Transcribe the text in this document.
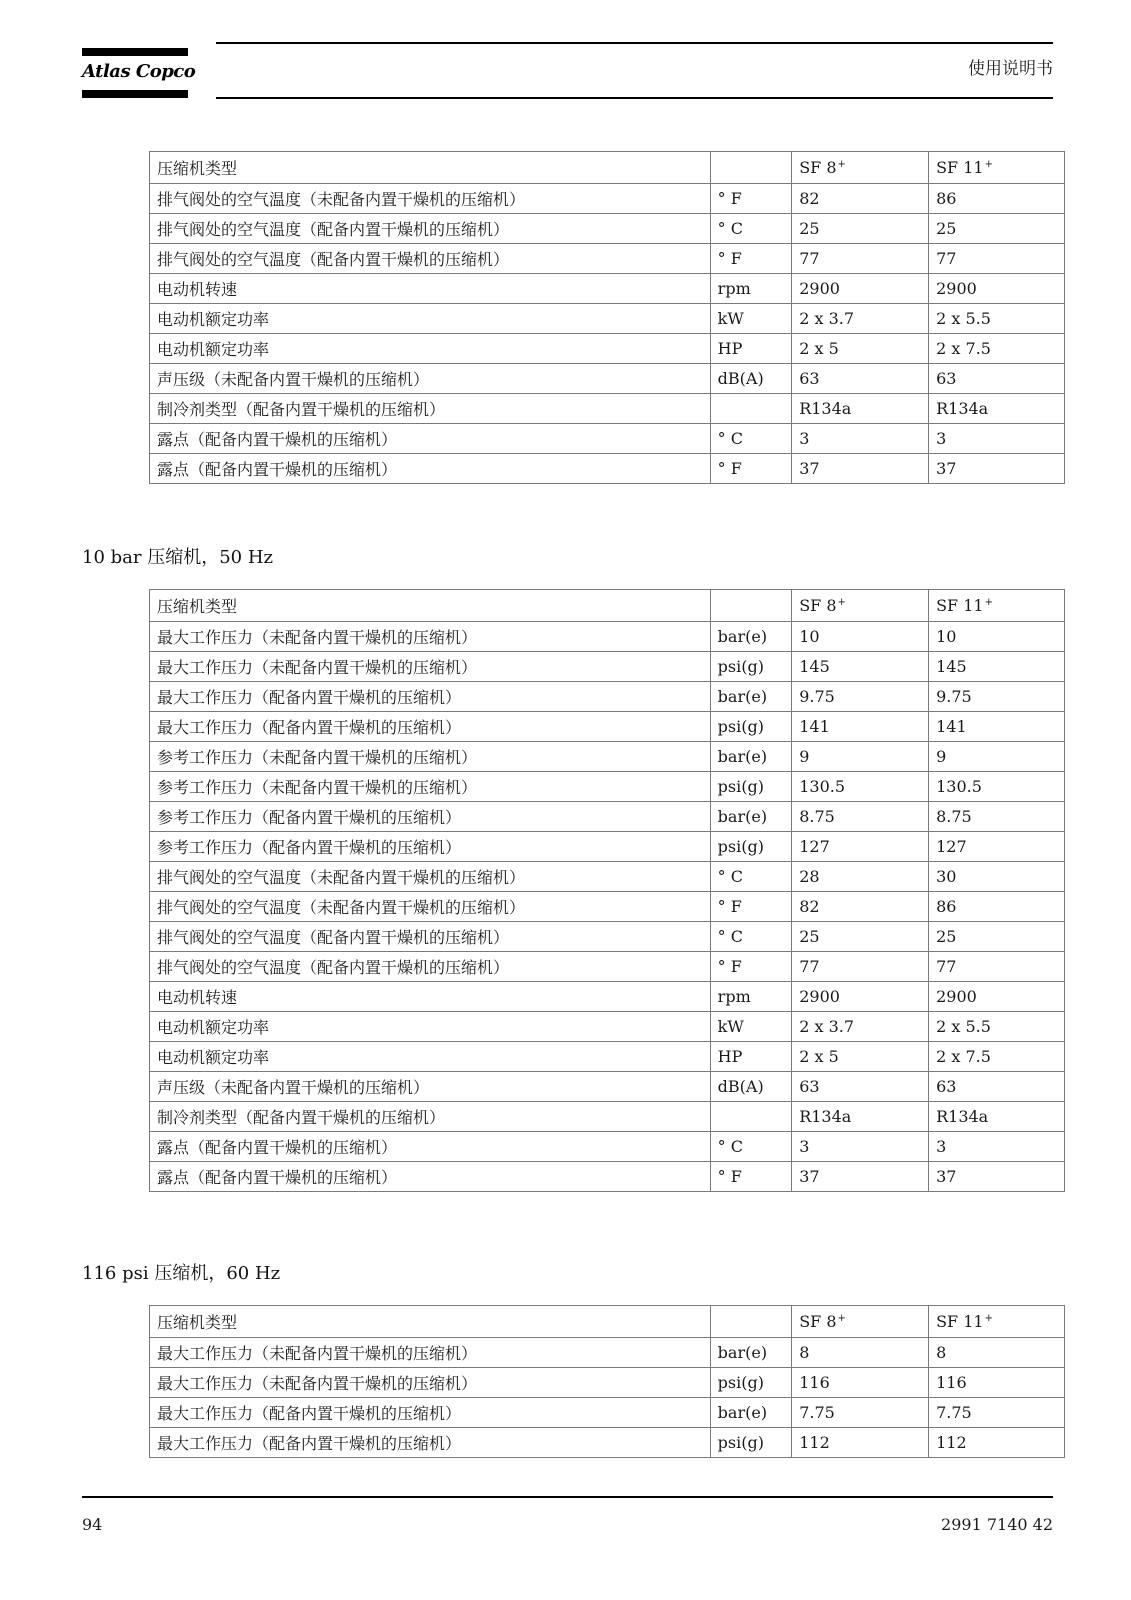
Atlas Copco	使用说明书
压缩机类型		SF 8+	SF 11+
排气阀处的空气温度（未配备内置干燥机的压缩机）	° F	82	86
排气阀处的空气温度（配备内置干燥机的压缩机）	° C	25	25
排气阀处的空气温度（配备内置干燥机的压缩机）	° F	77	77
电动机转速	rpm	2900	2900
电动机额定功率	kW	2 x 3.7	2 x 5.5
电动机额定功率	HP	2 x 5	2 x 7.5
声压级（未配备内置干燥机的压缩机）	dB(A)	63	63
制冷剂类型（配备内置干燥机的压缩机）		R134a	R134a
露点（配备内置干燥机的压缩机）	° C	3	3
露点（配备内置干燥机的压缩机）	° F	37	37
10 bar 压缩机，50 Hz
压缩机类型		SF 8+	SF 11+
最大工作压力（未配备内置干燥机的压缩机）	bar(e)	10	10
最大工作压力（未配备内置干燥机的压缩机）	psi(g)	145	145
最大工作压力（配备内置干燥机的压缩机）	bar(e)	9.75	9.75
最大工作压力（配备内置干燥机的压缩机）	psi(g)	141	141
参考工作压力（未配备内置干燥机的压缩机）	bar(e)	9	9
参考工作压力（未配备内置干燥机的压缩机）	psi(g)	130.5	130.5
参考工作压力（配备内置干燥机的压缩机）	bar(e)	8.75	8.75
参考工作压力（配备内置干燥机的压缩机）	psi(g)	127	127
排气阀处的空气温度（未配备内置干燥机的压缩机）	° C	28	30
排气阀处的空气温度（未配备内置干燥机的压缩机）	° F	82	86
排气阀处的空气温度（配备内置干燥机的压缩机）	° C	25	25
排气阀处的空气温度（配备内置干燥机的压缩机）	° F	77	77
电动机转速	rpm	2900	2900
电动机额定功率	kW	2 x 3.7	2 x 5.5
电动机额定功率	HP	2 x 5	2 x 7.5
声压级（未配备内置干燥机的压缩机）	dB(A)	63	63
制冷剂类型（配备内置干燥机的压缩机）		R134a	R134a
露点（配备内置干燥机的压缩机）	° C	3	3
露点（配备内置干燥机的压缩机）	° F	37	37
116 psi 压缩机，60 Hz
压缩机类型		SF 8+	SF 11+
最大工作压力（未配备内置干燥机的压缩机）	bar(e)	8	8
最大工作压力（未配备内置干燥机的压缩机）	psi(g)	116	116
最大工作压力（配备内置干燥机的压缩机）	bar(e)	7.75	7.75
最大工作压力（配备内置干燥机的压缩机）	psi(g)	112	112
94	2991 7140 42
